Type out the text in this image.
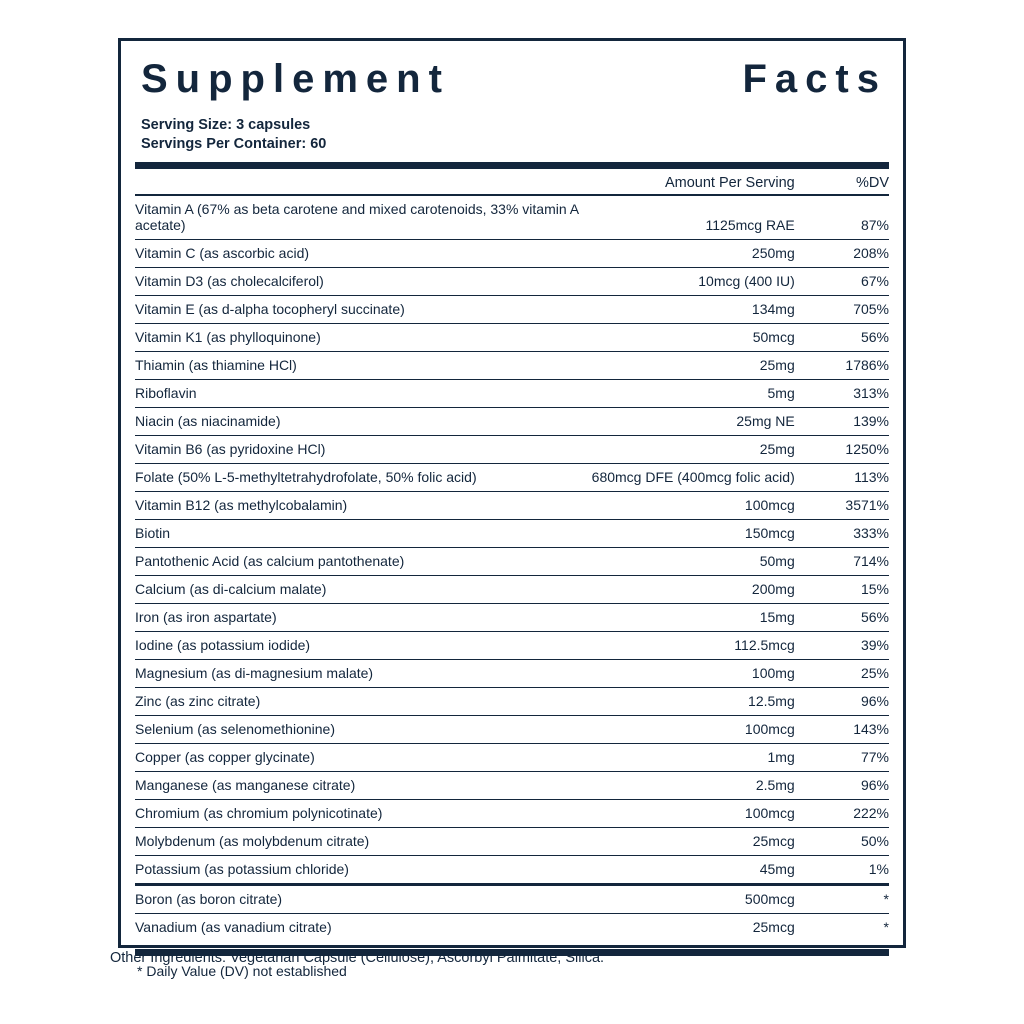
Supplement	Facts
Serving Size: 3 capsules
Servings Per Container: 60
	Amount Per Serving	%DV
Vitamin A (67% as beta carotene and mixed carotenoids, 33% vitamin A acetate)	1125mcg RAE	87%
Vitamin C (as ascorbic acid)	250mg	208%
Vitamin D3 (as cholecalciferol)	10mcg (400 IU)	67%
Vitamin E (as d-alpha tocopheryl succinate)	134mg	705%
Vitamin K1 (as phylloquinone)	50mcg	56%
Thiamin (as thiamine HCl)	25mg	1786%
Riboflavin	5mg	313%
Niacin (as niacinamide)	25mg NE	139%
Vitamin B6 (as pyridoxine HCl)	25mg	1250%
Folate (50% L-5-methyltetrahydrofolate, 50% folic acid)	680mcg DFE (400mcg folic acid)	113%
Vitamin B12 (as methylcobalamin)	100mcg	3571%
Biotin	150mcg	333%
Pantothenic Acid (as calcium pantothenate)	50mg	714%
Calcium (as di-calcium malate)	200mg	15%
Iron (as iron aspartate)	15mg	56%
Iodine (as potassium iodide)	112.5mcg	39%
Magnesium (as di-magnesium malate)	100mg	25%
Zinc (as zinc citrate)	12.5mg	96%
Selenium (as selenomethionine)	100mcg	143%
Copper (as copper glycinate)	1mg	77%
Manganese (as manganese citrate)	2.5mg	96%
Chromium (as chromium polynicotinate)	100mcg	222%
Molybdenum (as molybdenum citrate)	25mcg	50%
Potassium (as potassium chloride)	45mg	1%
Boron (as boron citrate)	500mcg	*
Vanadium (as vanadium citrate)	25mcg	*
* Daily Value (DV) not established
Other Ingredients: Vegetarian Capsule (Cellulose), Ascorbyl Palmitate, Silica.
